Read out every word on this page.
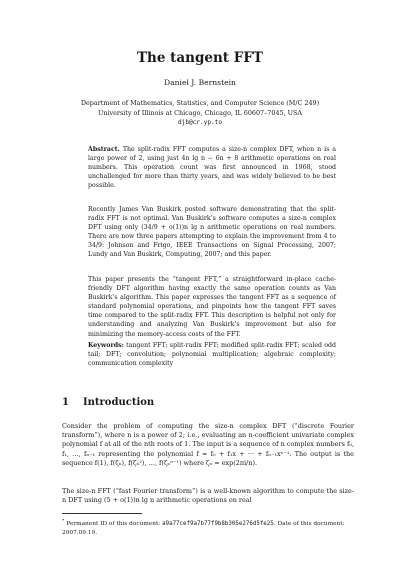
The tangent FFT
Daniel J. Bernstein
Department of Mathematics, Statistics, and Computer Science (M/C 249)
University of Illinois at Chicago, Chicago, IL 60607–7045, USA
djb@cr.yp.to
Abstract. The split-radix FFT computes a size-n complex DFT, when n is a large power of 2, using just 4n lg n − 6n + 8 arithmetic operations on real numbers. This operation count was first announced in 1968, stood unchallenged for more than thirty years, and was widely believed to be best possible.
Recently James Van Buskirk posted software demonstrating that the split-radix FFT is not optimal. Van Buskirk’s software computes a size-n complex DFT using only (34/9 + o(1))n lg n arithmetic operations on real numbers. There are now three papers attempting to explain the improvement from 4 to 34/9: Johnson and Frigo, IEEE Transactions on Signal Processing, 2007; Lundy and Van Buskirk, Computing, 2007; and this paper.
This paper presents the “tangent FFT,” a straightforward in-place cache-friendly DFT algorithm having exactly the same operation counts as Van Buskirk’s algorithm. This paper expresses the tangent FFT as a sequence of standard polynomial operations, and pinpoints how the tangent FFT saves time compared to the split-radix FFT. This description is helpful not only for understanding and analyzing Van Buskirk’s improvement but also for minimizing the memory-access costs of the FFT.
Keywords: tangent FFT; split-radix FFT; modified split-radix FFT; scaled odd tail; DFT; convolution; polynomial multiplication; algebraic complexity; communication complexity
1 Introduction
Consider the problem of computing the size-n complex DFT (“discrete Fourier transform”), where n is a power of 2; i.e., evaluating an n-coefficient univariate complex polynomial f at all of the nth roots of 1. The input is a sequence of n complex numbers f₀, f₁, …, fₙ₋₁ representing the polynomial f = f₀ + f₁x + ··· + fₙ₋₁xⁿ⁻¹. The output is the sequence f(1), f(ζₙ), f(ζₙ²), …, f(ζₙⁿ⁻¹) where ζₙ = exp(2πi/n).
The size-n FFT (“fast Fourier transform”) is a well-known algorithm to compute the size-n DFT using (5 + o(1))n lg n arithmetic operations on real
* Permanent ID of this document: a9a77cef9a7b77f9b8b305e276d5fe25. Date of this document: 2007.09.19.
